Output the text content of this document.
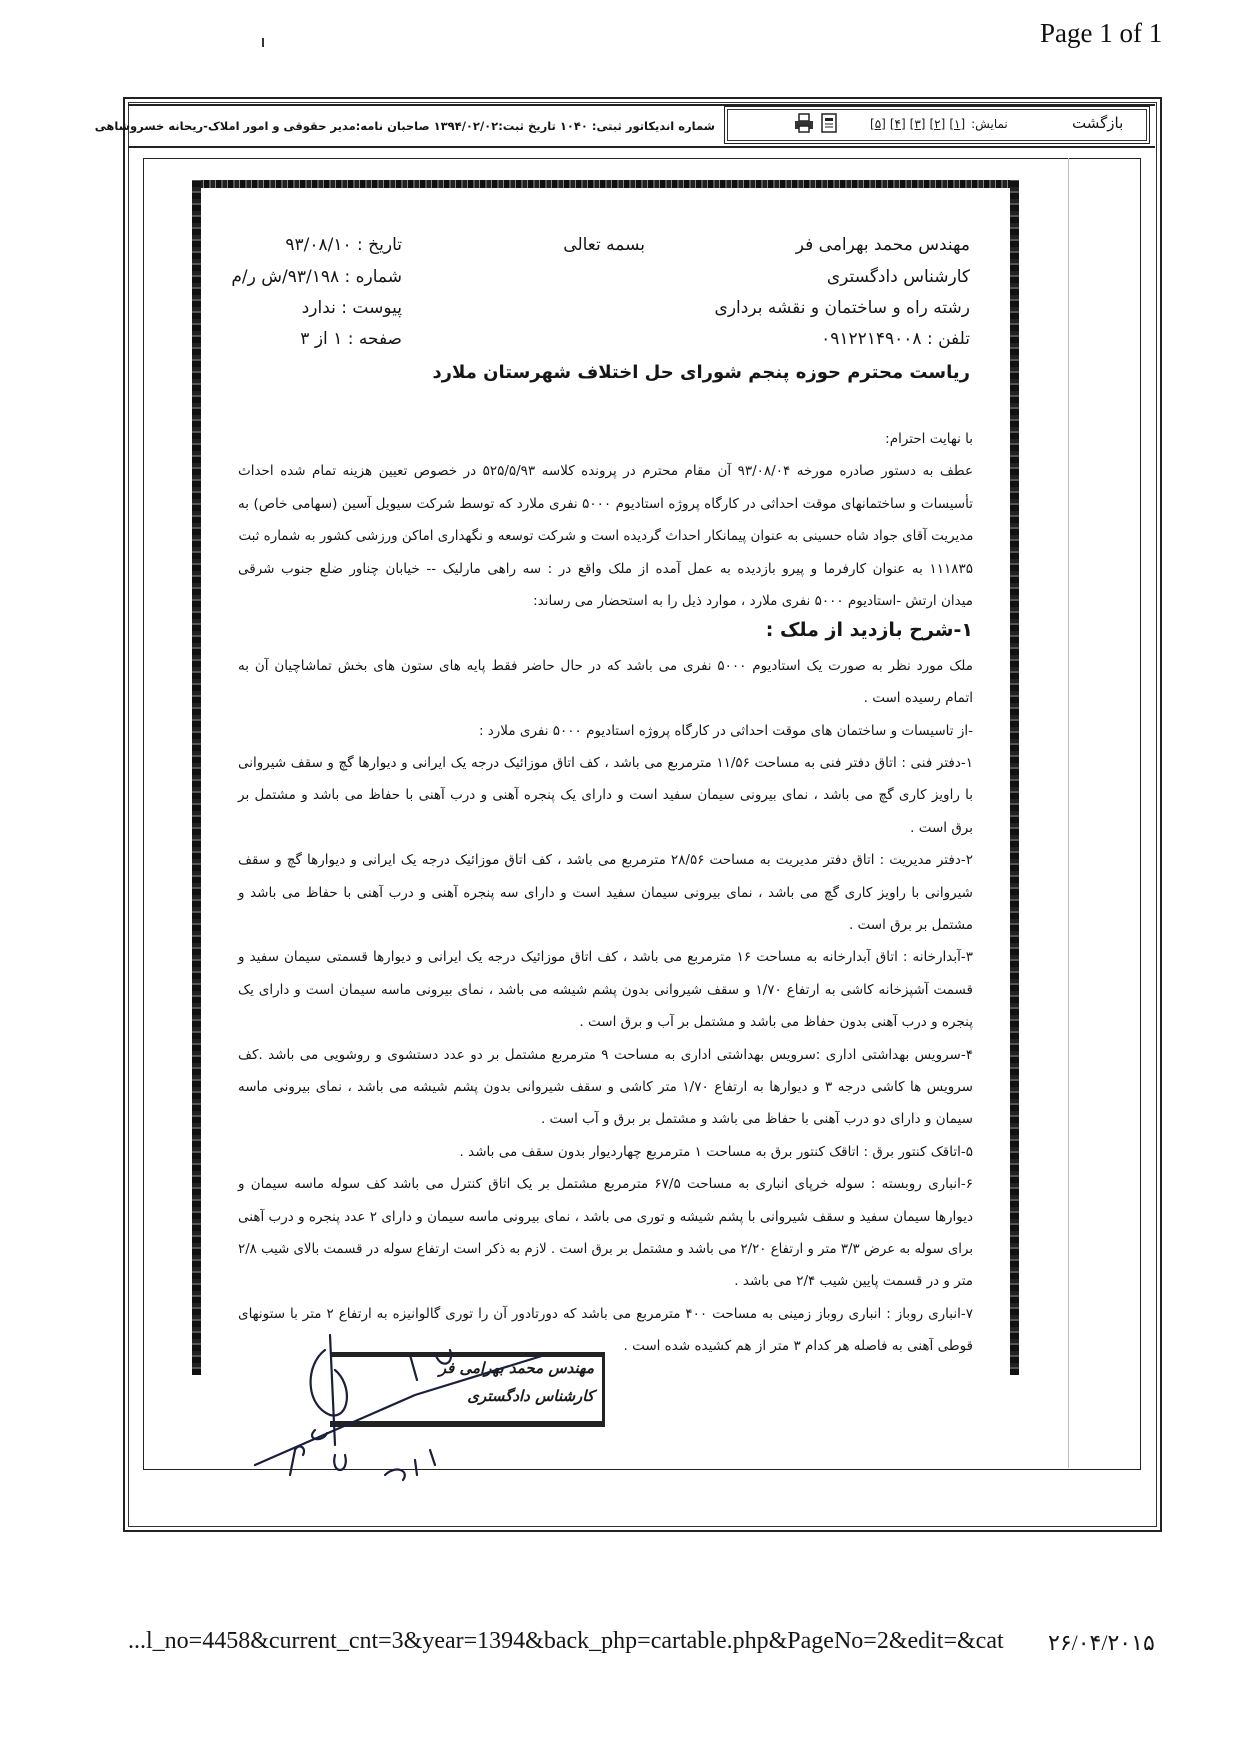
Page 1 of 1
شماره اندیکاتور ثبتی: ۱۰۴۰ تاریخ ثبت:۱۳۹۴/۰۲/۰۲ صاحبان نامه:مدیر حقوقی و امور املاک-ریحانه خسروشاهی	بازگشت
نمایش:[۱][۲][۳][۴][۵]
مهندس محمد بهرامی فر
کارشناس دادگستری
رشته راه و ساختمان و نقشه برداری
تلفن : ۰۹۱۲۲۱۴۹۰۰۸
بسمه تعالی
تاریخ : ۹۳/۰۸/۱۰
شماره : ۹۳/۱۹۸/ش ر/م
پیوست : ندارد
صفحه : ۱ از ۳
ریاست محترم حوزه پنجم شورای حل اختلاف شهرستان ملارد
با نهایت احترام:
عطف به دستور صادره مورخه ۹۳/۰۸/۰۴ آن مقام محترم در پرونده کلاسه ۵۲۵/۵/۹۳ در خصوص تعیین هزینه تمام شده احداث
تأسیسات و ساختمانهای موقت احداثی در کارگاه پروژه استادیوم ۵۰۰۰ نفری ملارد که توسط شرکت سیویل آسین (سهامی خاص) به
مدیریت آقای جواد شاه حسینی به عنوان پیمانکار احداث گردیده است و شرکت توسعه و نگهداری اماکن ورزشی کشور به شماره ثبت
۱۱۱۸۳۵ به عنوان کارفرما و پیرو بازدیده به عمل آمده از ملک واقع در : سه راهی مارلیک -- خیابان چناور ضلع جنوب شرقی
میدان ارتش -استادیوم ۵۰۰۰ نفری ملارد ، موارد ذیل را به استحضار می رساند:
۱-شرح بازدید از ملک :
ملک مورد نظر به صورت یک استادیوم ۵۰۰۰ نفری می باشد که در حال حاضر فقط پایه های ستون های بخش تماشاچیان آن به
اتمام رسیده است .
-از تاسیسات و ساختمان های موقت احداثی در کارگاه پروژه استادیوم ۵۰۰۰ نفری ملارد :
۱-دفتر فنی : اتاق دفتر فنی به مساحت ۱۱/۵۶ مترمربع می باشد ، کف اتاق موزائیک درجه یک ایرانی و دیوارها گچ و سقف شیروانی
با راویز کاری گچ می باشد ، نمای بیرونی سیمان سفید است و دارای یک پنجره آهنی و درب آهنی با حفاظ می باشد و مشتمل بر
برق است .
۲-دفتر مدیریت : اتاق دفتر مدیریت به مساحت ۲۸/۵۶ مترمربع می باشد ، کف اتاق موزائیک درجه یک ایرانی و دیوارها گچ و سقف
شیروانی با راویز کاری گچ می باشد ، نمای بیرونی سیمان سفید است و دارای سه پنجره آهنی و درب آهنی با حفاظ می باشد و
مشتمل بر برق است .
۳-آبدارخانه : اتاق آبدارخانه به مساحت ۱۶ مترمربع می باشد ، کف اتاق موزائیک درجه یک ایرانی و دیوارها قسمتی سیمان سفید و
قسمت آشپزخانه کاشی به ارتفاع ۱/۷۰ و سقف شیروانی بدون پشم شیشه می باشد ، نمای بیرونی ماسه سیمان است و دارای یک
پنجره و درب آهنی بدون حفاظ می باشد و مشتمل بر آب و برق است .
۴-سرویس بهداشتی اداری :سرویس بهداشتی اداری به مساحت ۹ مترمربع مشتمل بر دو عدد دستشوی و روشویی می باشد .کف
سرویس ها کاشی درجه ۳ و دیوارها به ارتفاع ۱/۷۰ متر کاشی و سقف شیروانی بدون پشم شیشه می باشد ، نمای بیرونی ماسه
سیمان و دارای دو درب آهنی با حفاظ می باشد و مشتمل بر برق و آب است .
۵-اتاقک کنتور برق : اتاقک کنتور برق به مساحت ۱ مترمربع چهاردیوار بدون سقف می باشد .
۶-انباری روبسته : سوله خرپای انباری به مساحت ۶۷/۵ مترمربع مشتمل بر یک اتاق کنترل می باشد کف سوله ماسه سیمان و
دیوارها سیمان سفید و سقف شیروانی با پشم شیشه و توری می باشد ، نمای بیرونی ماسه سیمان و دارای ۲ عدد پنجره و درب آهنی
برای سوله به عرض ۳/۳ متر و ارتفاع ۲/۲۰ می باشد و مشتمل بر برق است . لازم به ذکر است ارتفاع سوله در قسمت بالای شیب ۲/۸
متر و در قسمت پایین شیب ۲/۴ می باشد .
۷-انباری روباز : انباری روباز زمینی به مساحت ۴۰۰ مترمربع می باشد که دورتادور آن را توری گالوانیزه به ارتفاع ۲ متر با ستونهای
قوطی آهنی به فاصله هر کدام ۳ متر از هم کشیده شده است .
مهندس محمد بهرامی فر
کارشناس دادگستری
...l_no=4458&current_cnt=3&year=1394&back_php=cartable.php&PageNo=2&edit=&cat ۲۶/۰۴/۲۰۱۵
